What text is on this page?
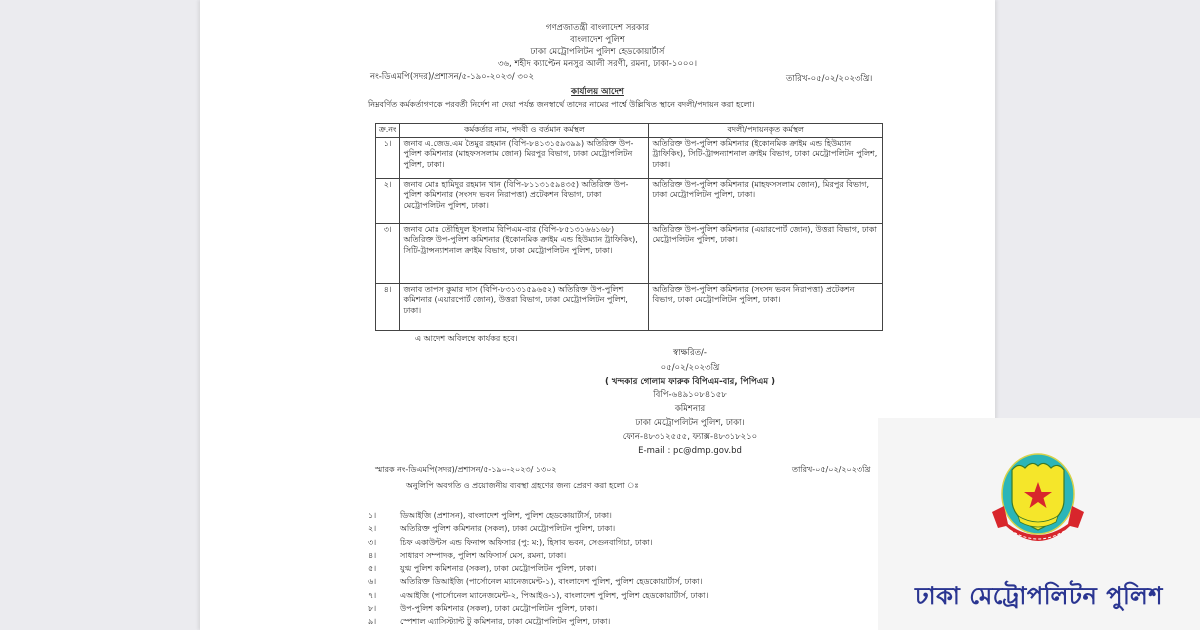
গণপ্রজাতন্ত্রী বাংলাদেশ সরকার
বাংলাদেশ পুলিশ
ঢাকা মেট্রোপলিটন পুলিশ হেডকোয়ার্টার্স
৩৬, শহীদ ক্যাপ্টেন মনসুর আলী সরণী, রমনা, ঢাকা-১০০০।
নং-ডিএমপি(সদর)/প্রশাসন/৫-১৯০-২০২৩/ ৩০২	তারিখ-০৫/০২/২০২৩খ্রি।
কার্যালয় আদেশ
নিম্নবর্ণিত কর্মকর্তাগণকে পরবর্তী নির্দেশ না দেয়া পর্যন্ত জনস্বার্থে তাদের নামের পার্শ্বে উল্লিখিত স্থানে বদলী/পদায়ন করা হলো।
ক্র.নং	কর্মকর্তার নাম, পদবী ও বর্তমান কর্মস্থল	বদলী/পদায়নকৃত কর্মস্থল
১।	জনাব এ.জেড.এম তৈমুর রহমান (বিপি-৮৪১৩১৫৯৩৯৯) অতিরিক্ত উপ-পুলিশ কমিশনার (মাহফসসলাম জোন) মিরপুর বিভাগ, ঢাকা মেট্রোপলিটন পুলিশ, ঢাকা।	অতিরিক্ত উপ-পুলিশ কমিশনার (ইকোনমিক ক্রাইম এন্ড হিউম্যান ট্রাফিকিং), সিটি-ট্রান্সন্যাশনাল ক্রাইম বিভাগ, ঢাকা মেট্রোপলিটন পুলিশ, ঢাকা।
২।	জনাব মোঃ হামিদুর রহমান খান (বিপি-৮১১৩১৫৯৪৩৫) অতিরিক্ত উপ-পুলিশ কমিশনার (সংসদ ভবন নিরাপত্তা) প্রটেকশন বিভাগ, ঢাকা মেট্রোপলিটন পুলিশ, ঢাকা।	অতিরিক্ত উপ-পুলিশ কমিশনার (মাহফসসলাম জোন), মিরপুর বিভাগ, ঢাকা মেট্রোপলিটন পুলিশ, ঢাকা।
৩।	জনাব মোঃ তৌহিদুল ইসলাম বিপিএম-বার (বিপি-৮৫১৩১৬৬১৬৮) অতিরিক্ত উপ-পুলিশ কমিশনার (ইকোনমিক ক্রাইম এন্ড হিউম্যান ট্রাফিকিং), সিটি-ট্রান্সন্যাশনাল ক্রাইম বিভাগ, ঢাকা মেট্রোপলিটন পুলিশ, ঢাকা।	অতিরিক্ত উপ-পুলিশ কমিশনার (এয়ারপোর্ট জোন), উত্তরা বিভাগ, ঢাকা মেট্রোপলিটন পুলিশ, ঢাকা।
৪।	জনাব তাপস কুমার দাস (বিপি-৮৩১৩১৫৯৬৫২) অতিরিক্ত উপ-পুলিশ কমিশনার (এয়ারপোর্ট জোন), উত্তরা বিভাগ, ঢাকা মেট্রোপলিটন পুলিশ, ঢাকা।	অতিরিক্ত উপ-পুলিশ কমিশনার (সংসদ ভবন নিরাপত্তা) প্রটেকশন বিভাগ, ঢাকা মেট্রোপলিটন পুলিশ, ঢাকা।
এ আদেশ অবিলম্বে কার্যকর হবে।
স্বাক্ষরিত/-
০৫/০২/২০২৩খ্রি
( খন্দকার গোলাম ফারুক বিপিএম-বার, পিপিএম )
বিপি-৬৪৯১০৮৪১৫৮
কমিশনার
ঢাকা মেট্রোপলিটন পুলিশ, ঢাকা।
ফোন-৪৮৩১২৫৫৫, ফ্যাক্স-৪৮৩১৮২১০
E-mail : pc@dmp.gov.bd
স্মারক নং-ডিএমপি(সদর)/প্রশাসন/৫-১৯০-২০২৩/ ১৩০২	তারিখ-০৫/০২/২০২৩খ্রি
অনুলিপি অবগতি ও প্রয়োজনীয় ব্যবস্থা গ্রহণের জন্য প্রেরণ করা হলো ঃ
১।	ডিআইজি (প্রশাসন), বাংলাদেশ পুলিশ, পুলিশ হেডকোয়ার্টার্স, ঢাকা।
২।	অতিরিক্ত পুলিশ কমিশনার (সকল), ঢাকা মেট্রোপলিটন পুলিশ, ঢাকা।
৩।	চিফ একাউন্টস এন্ড ফিনান্স অফিসার (পু: ম:), হিসাব ভবন, সেগুনবাগিচা, ঢাকা।
৪।	সাধারণ সম্পাদক, পুলিশ অফিসার্স মেস, রমনা, ঢাকা।
৫।	যুগ্ম পুলিশ কমিশনার (সকল), ঢাকা মেট্রোপলিটন পুলিশ, ঢাকা।
৬।	অতিরিক্ত ডিআইজি (পার্সোনেল ম্যানেজমেন্ট-১), বাংলাদেশ পুলিশ, পুলিশ হেডকোয়ার্টার্স, ঢাকা।
৭।	এআইজি (পার্সোনেল ম্যানেজমেন্ট-২, পিআইও-১), বাংলাদেশ পুলিশ, পুলিশ হেডকোয়ার্টার্স, ঢাকা।
৮।	উপ-পুলিশ কমিশনার (সকল), ঢাকা মেট্রোপলিটন পুলিশ, ঢাকা।
৯।	স্পেশাল এ্যাসিস্ট্যান্ট টু কমিশনার, ঢাকা মেট্রোপলিটন পুলিশ, ঢাকা।
ঢাকা মেট্রোপলিটন পুলিশ
